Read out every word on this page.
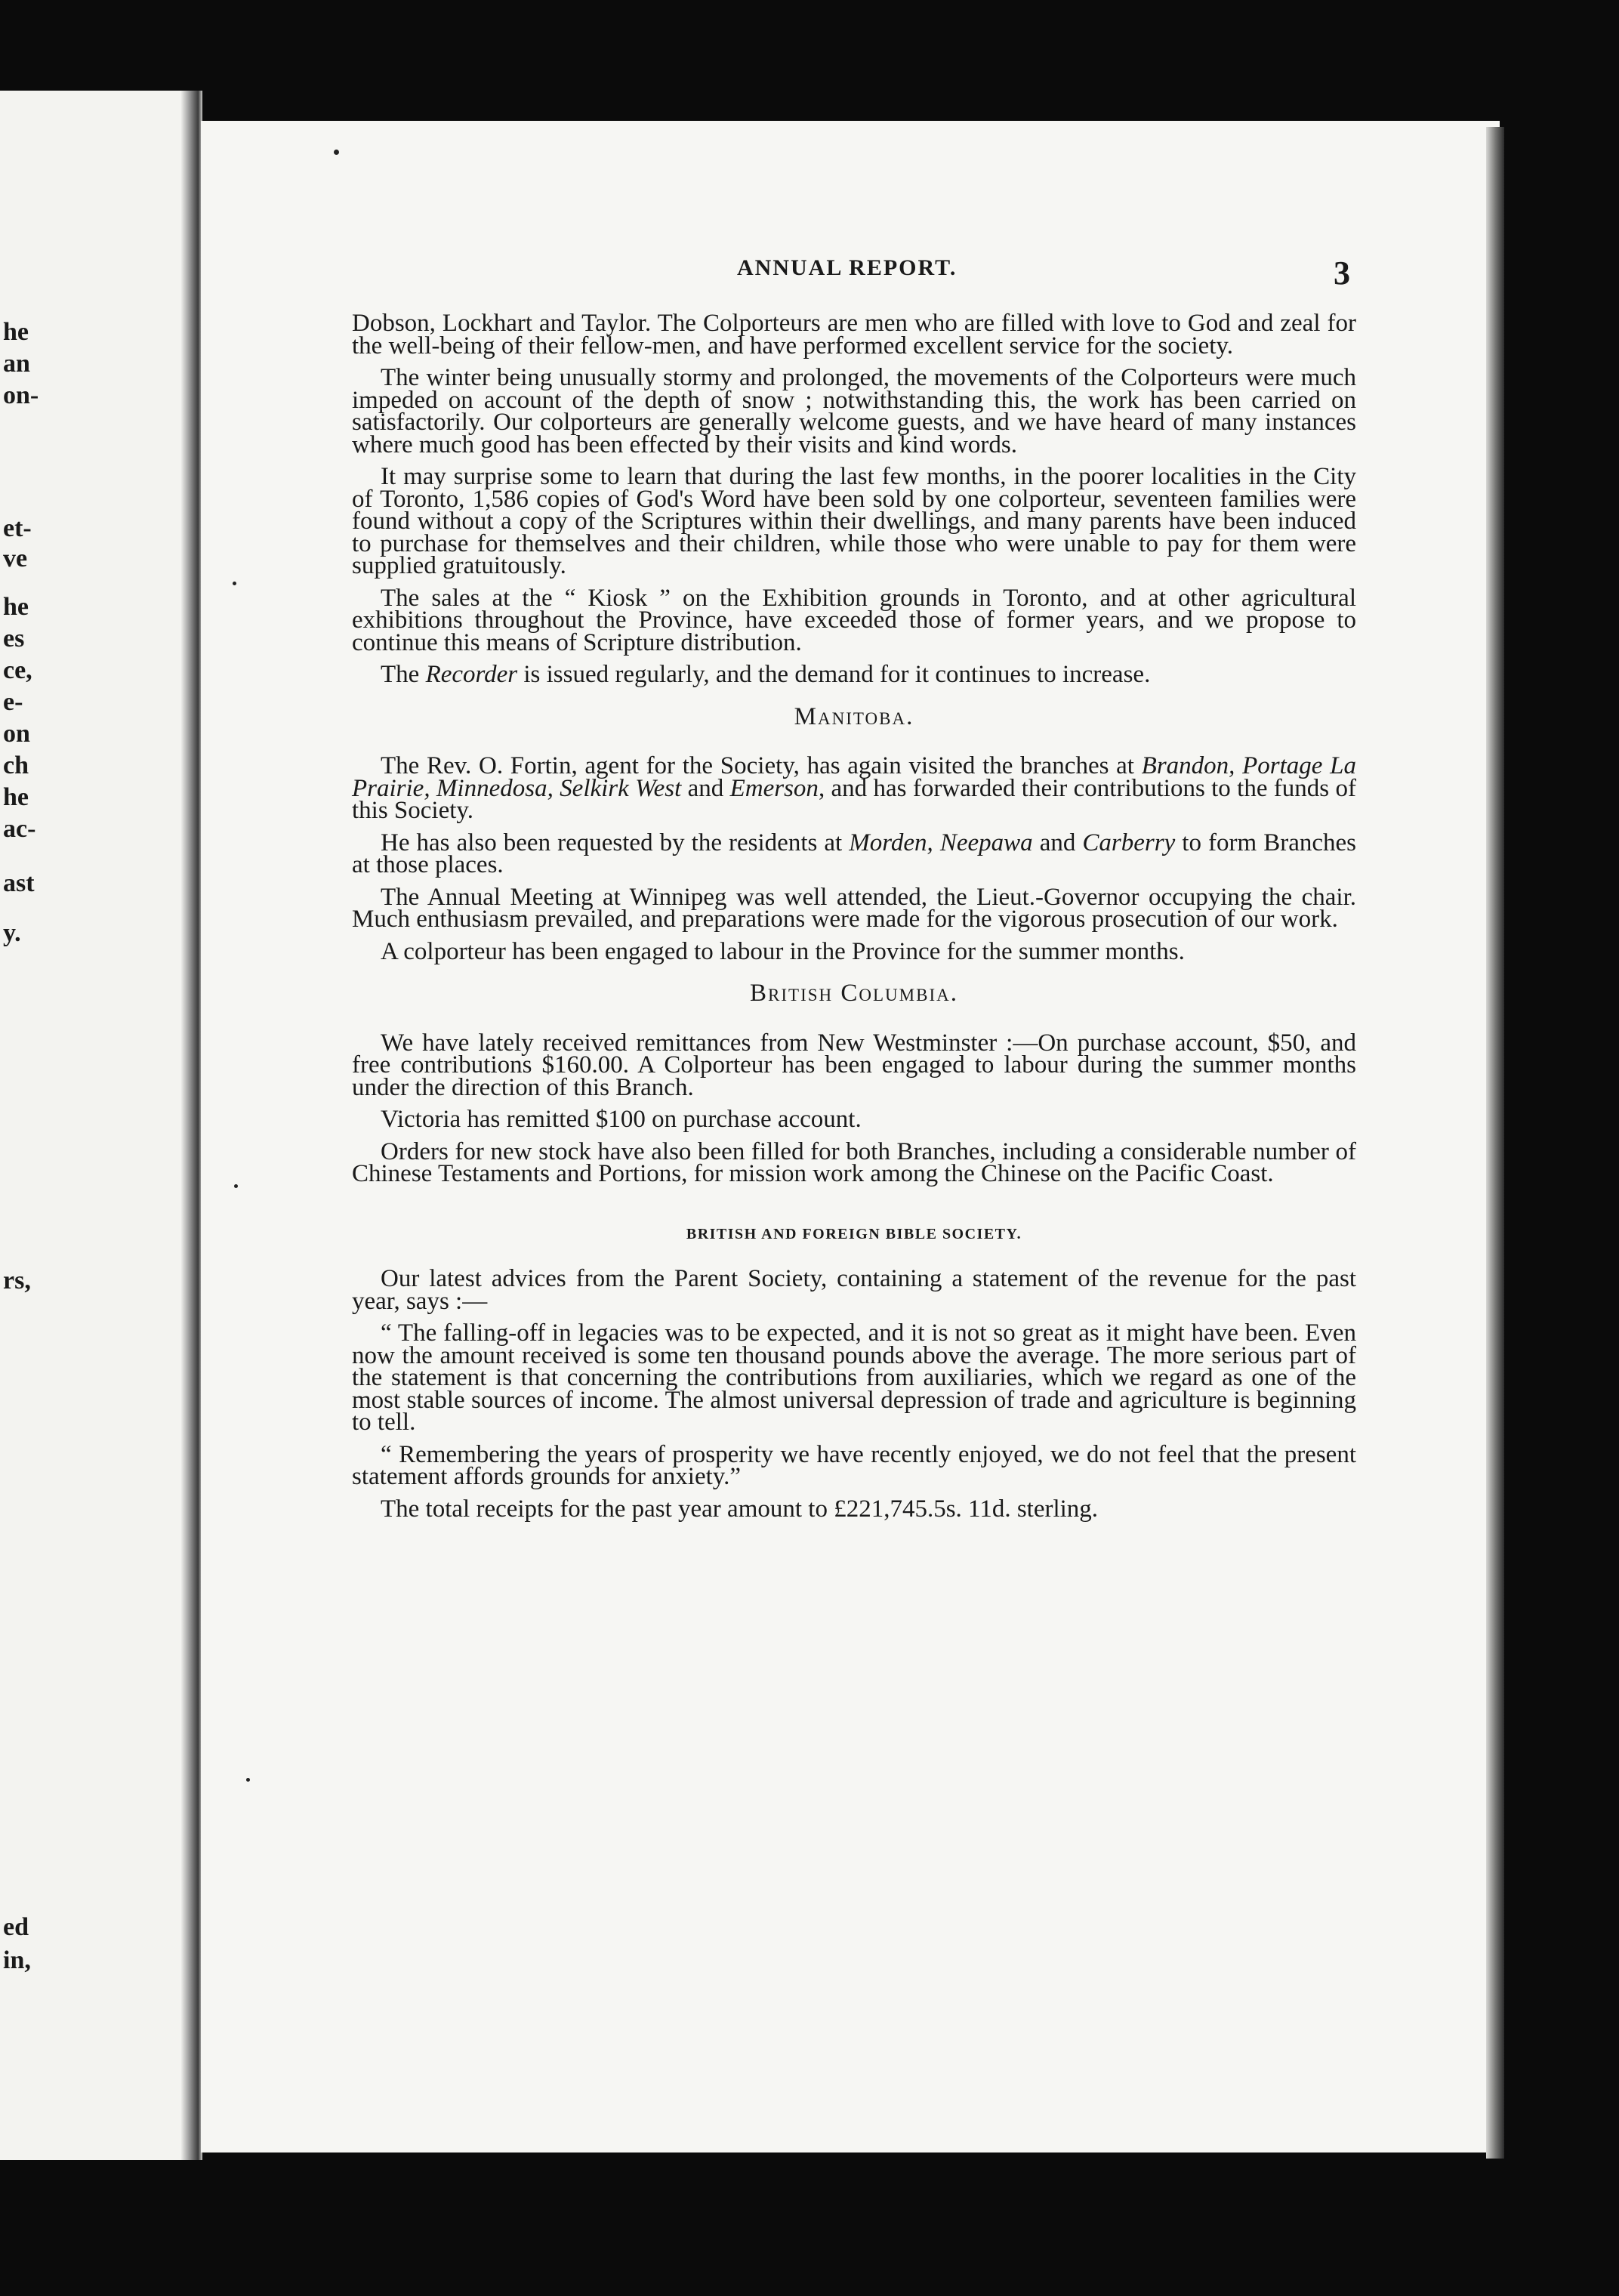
he
an
on-
et-
ve
he
es
ce,
e-
on
ch
he
ac-
ast
y.
rs,
ed
in,
ANNUAL REPORT.	3

Dobson, Lockhart and Taylor. The Colporteurs are men who are filled with love to God and zeal for the well-being of their fellow-men, and have performed excellent service for the society.

The winter being unusually stormy and prolonged, the movements of the Colporteurs were much impeded on account of the depth of snow ; notwithstanding this, the work has been carried on satisfactorily. Our colporteurs are generally welcome guests, and we have heard of many instances where much good has been effected by their visits and kind words.

It may surprise some to learn that during the last few months, in the poorer localities in the City of Toronto, 1,586 copies of God's Word have been sold by one colporteur, seventeen families were found without a copy of the Scriptures within their dwellings, and many parents have been induced to purchase for themselves and their children, while those who were unable to pay for them were supplied gratuitously.

The sales at the “ Kiosk ” on the Exhibition grounds in Toronto, and at other agricultural exhibitions throughout the Province, have exceeded those of former years, and we propose to continue this means of Scripture distribution.

The Recorder is issued regularly, and the demand for it continues to increase.

Manitoba.

The Rev. O. Fortin, agent for the Society, has again visited the branches at Brandon, Portage La Prairie, Minnedosa, Selkirk West and Emerson, and has forwarded their contributions to the funds of this Society.

He has also been requested by the residents at Morden, Neepawa and Carberry to form Branches at those places.

The Annual Meeting at Winnipeg was well attended, the Lieut.-Governor occupying the chair. Much enthusiasm prevailed, and preparations were made for the vigorous prosecution of our work.

A colporteur has been engaged to labour in the Province for the summer months.

British Columbia.

We have lately received remittances from New Westminster :—On purchase account, $50, and free contributions $160.00. A Colporteur has been engaged to labour during the summer months under the direction of this Branch.

Victoria has remitted $100 on purchase account.

Orders for new stock have also been filled for both Branches, including a considerable number of Chinese Testaments and Portions, for mission work among the Chinese on the Pacific Coast.

BRITISH AND FOREIGN BIBLE SOCIETY.

Our latest advices from the Parent Society, containing a statement of the revenue for the past year, says :—

“ The falling-off in legacies was to be expected, and it is not so great as it might have been. Even now the amount received is some ten thousand pounds above the average. The more serious part of the statement is that concerning the contributions from auxiliaries, which we regard as one of the most stable sources of income. The almost universal depression of trade and agriculture is beginning to tell.

“ Remembering the years of prosperity we have recently enjoyed, we do not feel that the present statement affords grounds for anxiety.”

The total receipts for the past year amount to £221,745.5s. 11d. sterling.
